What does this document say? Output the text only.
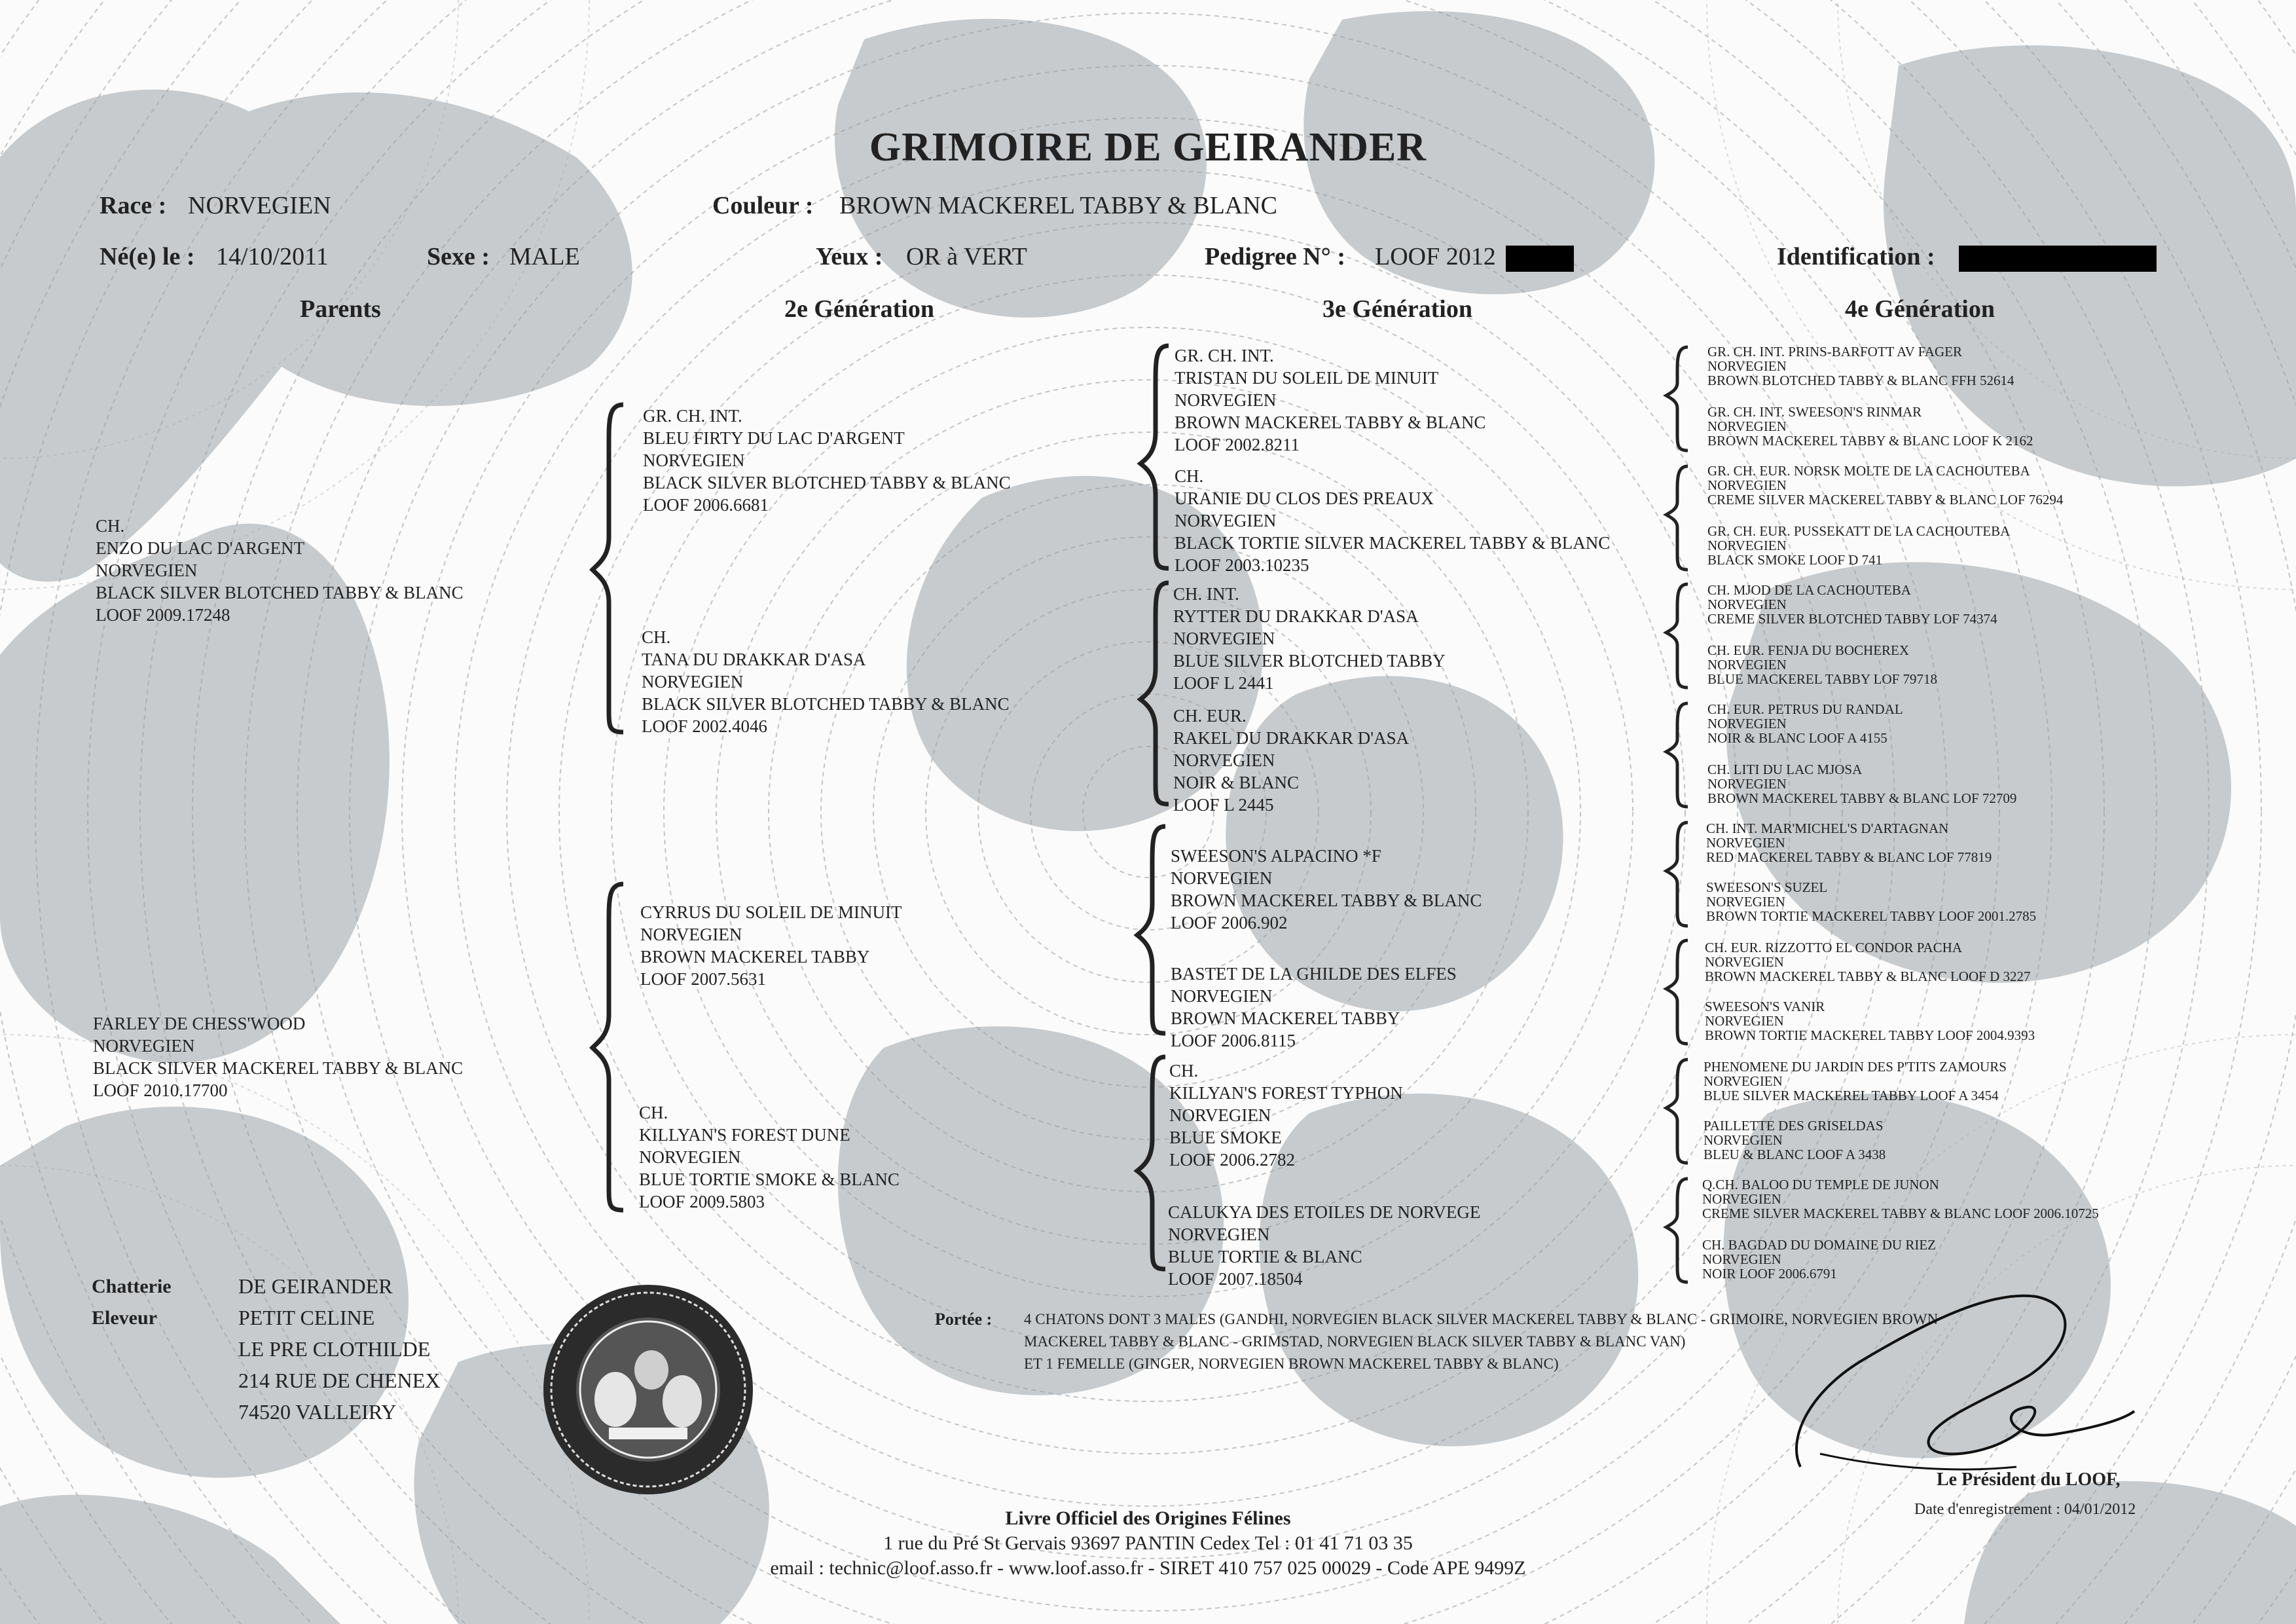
GRIMOIRE DE GEIRANDER
Race : NORVEGIEN	Couleur : BROWN MACKEREL TABBY & BLANC
Né(e) le : 14/10/2011	Sexe : MALE	Yeux : OR à VERT	Pedigree N° : LOOF 2012	Identification :
Parents	2e Génération	3e Génération	4e Génération
CH.
ENZO DU LAC D'ARGENT
NORVEGIEN
BLACK SILVER BLOTCHED TABBY & BLANC
LOOF 2009.17248
FARLEY DE CHESS'WOOD
NORVEGIEN
BLACK SILVER MACKEREL TABBY & BLANC
LOOF 2010.17700
GR. CH. INT.
BLEU FIRTY DU LAC D'ARGENT
NORVEGIEN
BLACK SILVER BLOTCHED TABBY & BLANC
LOOF 2006.6681
CH.
TANA DU DRAKKAR D'ASA
NORVEGIEN
BLACK SILVER BLOTCHED TABBY & BLANC
LOOF 2002.4046
CYRRUS DU SOLEIL DE MINUIT
NORVEGIEN
BROWN MACKEREL TABBY
LOOF 2007.5631
CH.
KILLYAN'S FOREST DUNE
NORVEGIEN
BLUE TORTIE SMOKE & BLANC
LOOF 2009.5803
GR. CH. INT.
TRISTAN DU SOLEIL DE MINUIT
NORVEGIEN
BROWN MACKEREL TABBY & BLANC
LOOF 2002.8211
CH.
URANIE DU CLOS DES PREAUX
NORVEGIEN
BLACK TORTIE SILVER MACKEREL TABBY & BLANC
LOOF 2003.10235
CH. INT.
RYTTER DU DRAKKAR D'ASA
NORVEGIEN
BLUE SILVER BLOTCHED TABBY
LOOF L 2441
CH. EUR.
RAKEL DU DRAKKAR D'ASA
NORVEGIEN
NOIR & BLANC
LOOF L 2445
SWEESON'S ALPACINO *F
NORVEGIEN
BROWN MACKEREL TABBY & BLANC
LOOF 2006.902
BASTET DE LA GHILDE DES ELFES
NORVEGIEN
BROWN MACKEREL TABBY
LOOF 2006.8115
CH.
KILLYAN'S FOREST TYPHON
NORVEGIEN
BLUE SMOKE
LOOF 2006.2782
CALUKYA DES ETOILES DE NORVEGE
NORVEGIEN
BLUE TORTIE & BLANC
LOOF 2007.18504
GR. CH. INT. PRINS-BARFOTT AV FAGER
NORVEGIEN
BROWN BLOTCHED TABBY & BLANC FFH 52614
GR. CH. INT. SWEESON'S RINMAR
NORVEGIEN
BROWN MACKEREL TABBY & BLANC LOOF K 2162
GR. CH. EUR. NORSK MOLTE DE LA CACHOUTEBA
NORVEGIEN
CREME SILVER MACKEREL TABBY & BLANC LOF 76294
GR. CH. EUR. PUSSEKATT DE LA CACHOUTEBA
NORVEGIEN
BLACK SMOKE LOOF D 741
CH. MJOD DE LA CACHOUTEBA
NORVEGIEN
CREME SILVER BLOTCHED TABBY LOF 74374
CH. EUR. FENJA DU BOCHEREX
NORVEGIEN
BLUE MACKEREL TABBY LOF 79718
CH. EUR. PETRUS DU RANDAL
NORVEGIEN
NOIR & BLANC LOOF A 4155
CH. LITI DU LAC MJOSA
NORVEGIEN
BROWN MACKEREL TABBY & BLANC LOF 72709
CH. INT. MAR'MICHEL'S D'ARTAGNAN
NORVEGIEN
RED MACKEREL TABBY & BLANC LOF 77819
SWEESON'S SUZEL
NORVEGIEN
BROWN TORTIE MACKEREL TABBY LOOF 2001.2785
CH. EUR. RIZZOTTO EL CONDOR PACHA
NORVEGIEN
BROWN MACKEREL TABBY & BLANC LOOF D 3227
SWEESON'S VANIR
NORVEGIEN
BROWN TORTIE MACKEREL TABBY LOOF 2004.9393
PHENOMENE DU JARDIN DES P'TITS ZAMOURS
NORVEGIEN
BLUE SILVER MACKEREL TABBY LOOF A 3454
PAILLETTE DES GRISELDAS
NORVEGIEN
BLEU & BLANC LOOF A 3438
Q.CH. BALOO DU TEMPLE DE JUNON
NORVEGIEN
CREME SILVER MACKEREL TABBY & BLANC LOOF 2006.10725
CH. BAGDAD DU DOMAINE DU RIEZ
NORVEGIEN
NOIR LOOF 2006.6791
Chatterie	DE GEIRANDER
Eleveur	PETIT CELINE
LE PRE CLOTHILDE
214 RUE DE CHENEX
74520 VALLEIRY
Portée : 4 CHATONS DONT 3 MALES (GANDHI, NORVEGIEN BLACK SILVER MACKEREL TABBY & BLANC - GRIMOIRE, NORVEGIEN BROWN
MACKEREL TABBY & BLANC - GRIMSTAD, NORVEGIEN BLACK SILVER TABBY & BLANC VAN)
ET 1 FEMELLE (GINGER, NORVEGIEN BROWN MACKEREL TABBY & BLANC)
Le Président du LOOF,
Date d'enregistrement : 04/01/2012
Livre Officiel des Origines Félines
1 rue du Pré St Gervais 93697 PANTIN Cedex Tel : 01 41 71 03 35
email : technic@loof.asso.fr - www.loof.asso.fr - SIRET 410 757 025 00029 - Code APE 9499Z
